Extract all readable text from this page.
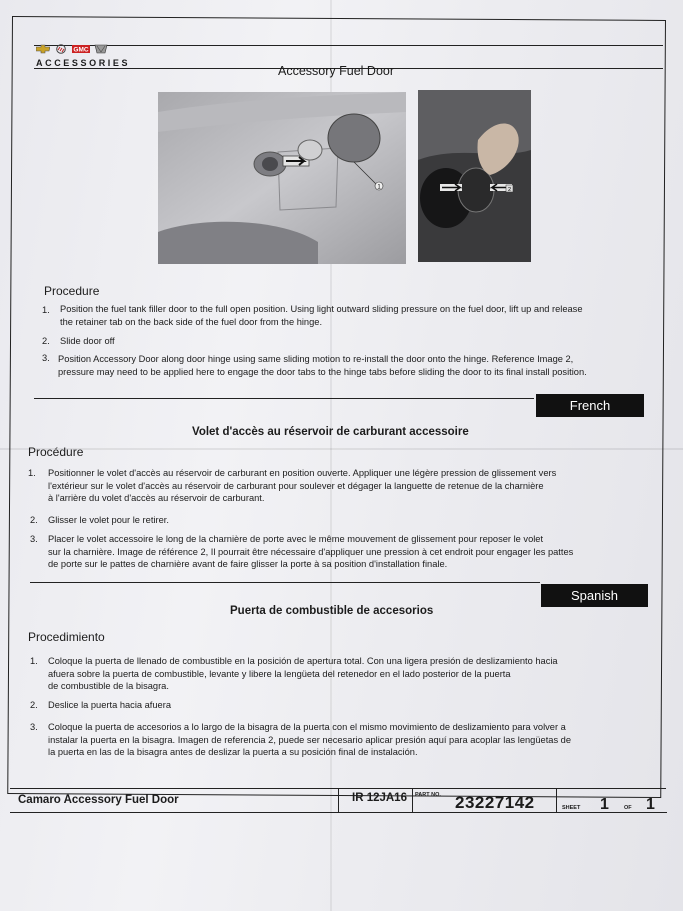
GMC
ACCESSORIES
Accessory Fuel Door
1	2
Procedure
1. Position the fuel tank filler door to the full open position. Using light outward sliding pressure on the fuel door, lift up and release
the retainer tab on the back side of the fuel door from the hinge.
2. Slide door off
3. Position Accessory Door along door hinge using same sliding motion to re-install the door onto the hinge. Reference Image 2,
pressure may need to be applied here to engage the door tabs to the hinge tabs before sliding the door to its final install position.
French
Volet d'accès au réservoir de carburant accessoire
Procédure
1. Positionner le volet d'accès au réservoir de carburant en position ouverte. Appliquer une légère pression de glissement vers
l'extérieur sur le volet d'accès au réservoir de carburant pour soulever et dégager la languette de retenue de la charnière
à l'arrière du volet d'accès au réservoir de carburant.
2. Glisser le volet pour le retirer.
3. Placer le volet accessoire le long de la charnière de porte avec le même mouvement de glissement pour reposer le volet
sur la charnière. Image de référence 2, Il pourrait être nécessaire d'appliquer une pression à cet endroit pour engager les pattes
de porte sur le pattes de charnière avant de faire glisser la porte à sa position d'installation finale.
Spanish
Puerta de combustible de accesorios
Procedimiento
1. Coloque la puerta de llenado de combustible en la posición de apertura total. Con una ligera presión de deslizamiento hacia
afuera sobre la puerta de combustible, levante y libere la lengüeta del retenedor en el lado posterior de la puerta
de combustible de la bisagra.
2. Deslice la puerta hacia afuera
3. Coloque la puerta de accesorios a lo largo de la bisagra de la puerta con el mismo movimiento de deslizamiento para volver a
instalar la puerta en la bisagra. Imagen de referencia 2, puede ser necesario aplicar presión aquí para acoplar las lengüetas de
la puerta en las de la bisagra antes de deslizar la puerta a su posición final de instalación.
Camaro Accessory Fuel Door	IR 12JA16 PART NO. 23227142	SHEET 1	OF 1
